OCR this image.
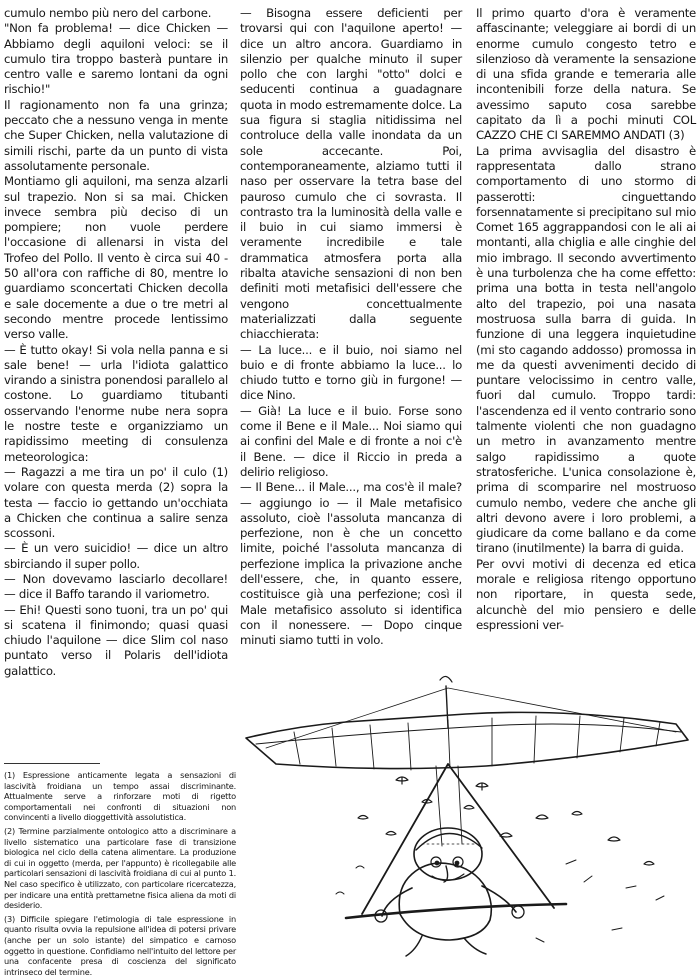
cumulo nembo più nero del carbone.

"Non fa problema! — dice Chicken — Abbiamo degli aquiloni veloci: se il cumulo tira troppo basterà puntare in centro valle e saremo lontani da ogni rischio!"

Il ragionamento non fa una grinza; peccato che a nessuno venga in mente che Super Chicken, nella valutazione di simili rischi, parte da un punto di vista assolutamente personale.

Montiamo gli aquiloni, ma senza alzarli sul trapezio. Non si sa mai. Chicken invece sembra più deciso di un pompiere; non vuole perdere l'occasione di allenarsi in vista del Trofeo del Pollo. Il vento è circa sui 40 - 50 all'ora con raffiche di 80, mentre lo guardiamo sconcertati Chicken decolla e sale docemente a due o tre metri al secondo mentre procede lentissimo verso valle.

— È tutto okay! Si vola nella panna e si sale bene! — urla l'idiota galattico virando a sinistra ponendosi parallelo al costone. Lo guardiamo titubanti osservando l'enorme nube nera sopra le nostre teste e organizziamo un rapidissimo meeting di consulenza meteorologica:

— Ragazzi a me tira un po' il culo (1) volare con questa merda (2) sopra la testa — faccio io gettando un'occhiata a Chicken che continua a salire senza scossoni.

— È un vero suicidio! — dice un altro sbirciando il super pollo.

— Non dovevamo lasciarlo decollare! — dice il Baffo tarando il variometro.

— Ehi! Questi sono tuoni, tra un po' qui si scatena il finimondo; quasi quasi chiudo l'aquilone — dice Slim col naso puntato verso il Polaris dell'idiota galattico.

— Bisogna essere deficienti per trovarsi qui con l'aquilone aperto! — dice un altro ancora. Guardiamo in silenzio per qualche minuto il super pollo che con larghi "otto" dolci e seducenti continua a guadagnare quota in modo estremamente dolce. La sua figura si staglia nitidissima nel controluce della valle inondata da un sole accecante. Poi, contemporaneamente, alziamo tutti il naso per osservare la tetra base del pauroso cumulo che ci sovrasta. Il contrasto tra la luminosità della valle e il buio in cui siamo immersi è veramente incredibile e tale drammatica atmosfera porta alla ribalta ataviche sensazioni di non ben definiti moti metafisici dell'essere che vengono concettualmente materializzati dalla seguente chiacchierata:

— La luce... e il buio, noi siamo nel buio e di fronte abbiamo la luce... lo chiudo tutto e torno giù in furgone! — dice Nino.

— Già! La luce e il buio. Forse sono come il Bene e il Male... Noi siamo qui ai confini del Male e di fronte a noi c'è il Bene. — dice il Riccio in preda a delirio religioso.

— Il Bene... il Male..., ma cos'è il male? — aggiungo io — il Male metafisico assoluto, cioè l'assoluta mancanza di perfezione, non è che un concetto limite, poiché l'assoluta mancanza di perfezione implica la privazione anche dell'essere, che, in quanto essere, costituisce già una perfezione; così il Male metafisico assoluto si identifica con il nonessere. — Dopo cinque minuti siamo tutti in volo.

Il primo quarto d'ora è veramente affascinante; veleggiare ai bordi di un enorme cumulo congesto tetro e silenzioso dà veramente la sensazione di una sfida grande e temeraria alle incontenibili forze della natura. Se avessimo saputo cosa sarebbe capitato da lì a pochi minuti COL CAZZO CHE CI SAREMMO ANDATI (3)

La prima avvisaglia del disastro è rappresentata dallo strano comportamento di uno stormo di passerotti: cinguettando forsennatamente si precipitano sul mio Comet 165 aggrappandosi con le ali ai montanti, alla chiglia e alle cinghie del mio imbrago. Il secondo avvertimento è una turbolenza che ha come effetto: prima una botta in testa nell'angolo alto del trapezio, poi una nasata mostruosa sulla barra di guida. In funzione di una leggera inquietudine (mi sto cagando addosso) promossa in me da questi avvenimenti decido di puntare velocissimo in centro valle, fuori dal cumulo. Troppo tardi: l'ascendenza ed il vento contrario sono talmente violenti che non guadagno un metro in avanzamento mentre salgo rapidissimo a quote stratosferiche. L'unica consolazione è, prima di scomparire nel mostruoso cumulo nembo, vedere che anche gli altri devono avere i loro problemi, a giudicare da come ballano e da come tirano (inutilmente) la barra di guida.

Per ovvi motivi di decenza ed etica morale e religiosa ritengo opportuno non riportare, in questa sede, alcunchè del mio pensiero e delle espressioni ver-

(1) Espressione anticamente legata a sensazioni di lascività froidiana un tempo assai discriminante. Attualmente serve a rinforzare moti di rigetto comportamentali nei confronti di situazioni non convincenti a livello dioggettività assolutistica.

(2) Termine parzialmente ontologico atto a discriminare a livello sistematico una particolare fase di transizione biologica nel ciclo della catena alimentare. La produzione di cui in oggetto (merda, per l'appunto) è ricollegabile alle particolari sensazioni di lascività froidiana di cui al punto 1. Nel caso specifico è utilizzato, con particolare ricercatezza, per indicare una entità prettametne fisica aliena da moti di desiderio.

(3) Difficile spiegare l'etimologia di tale espressione in quanto risulta ovvia la repulsione all'idea di potersi privare (anche per un solo istante) del simpatico e carnoso oggetto in questione. Confidiamo nell'intuito del lettore per una confacente presa di coscienza del significato intrinseco del termine.
